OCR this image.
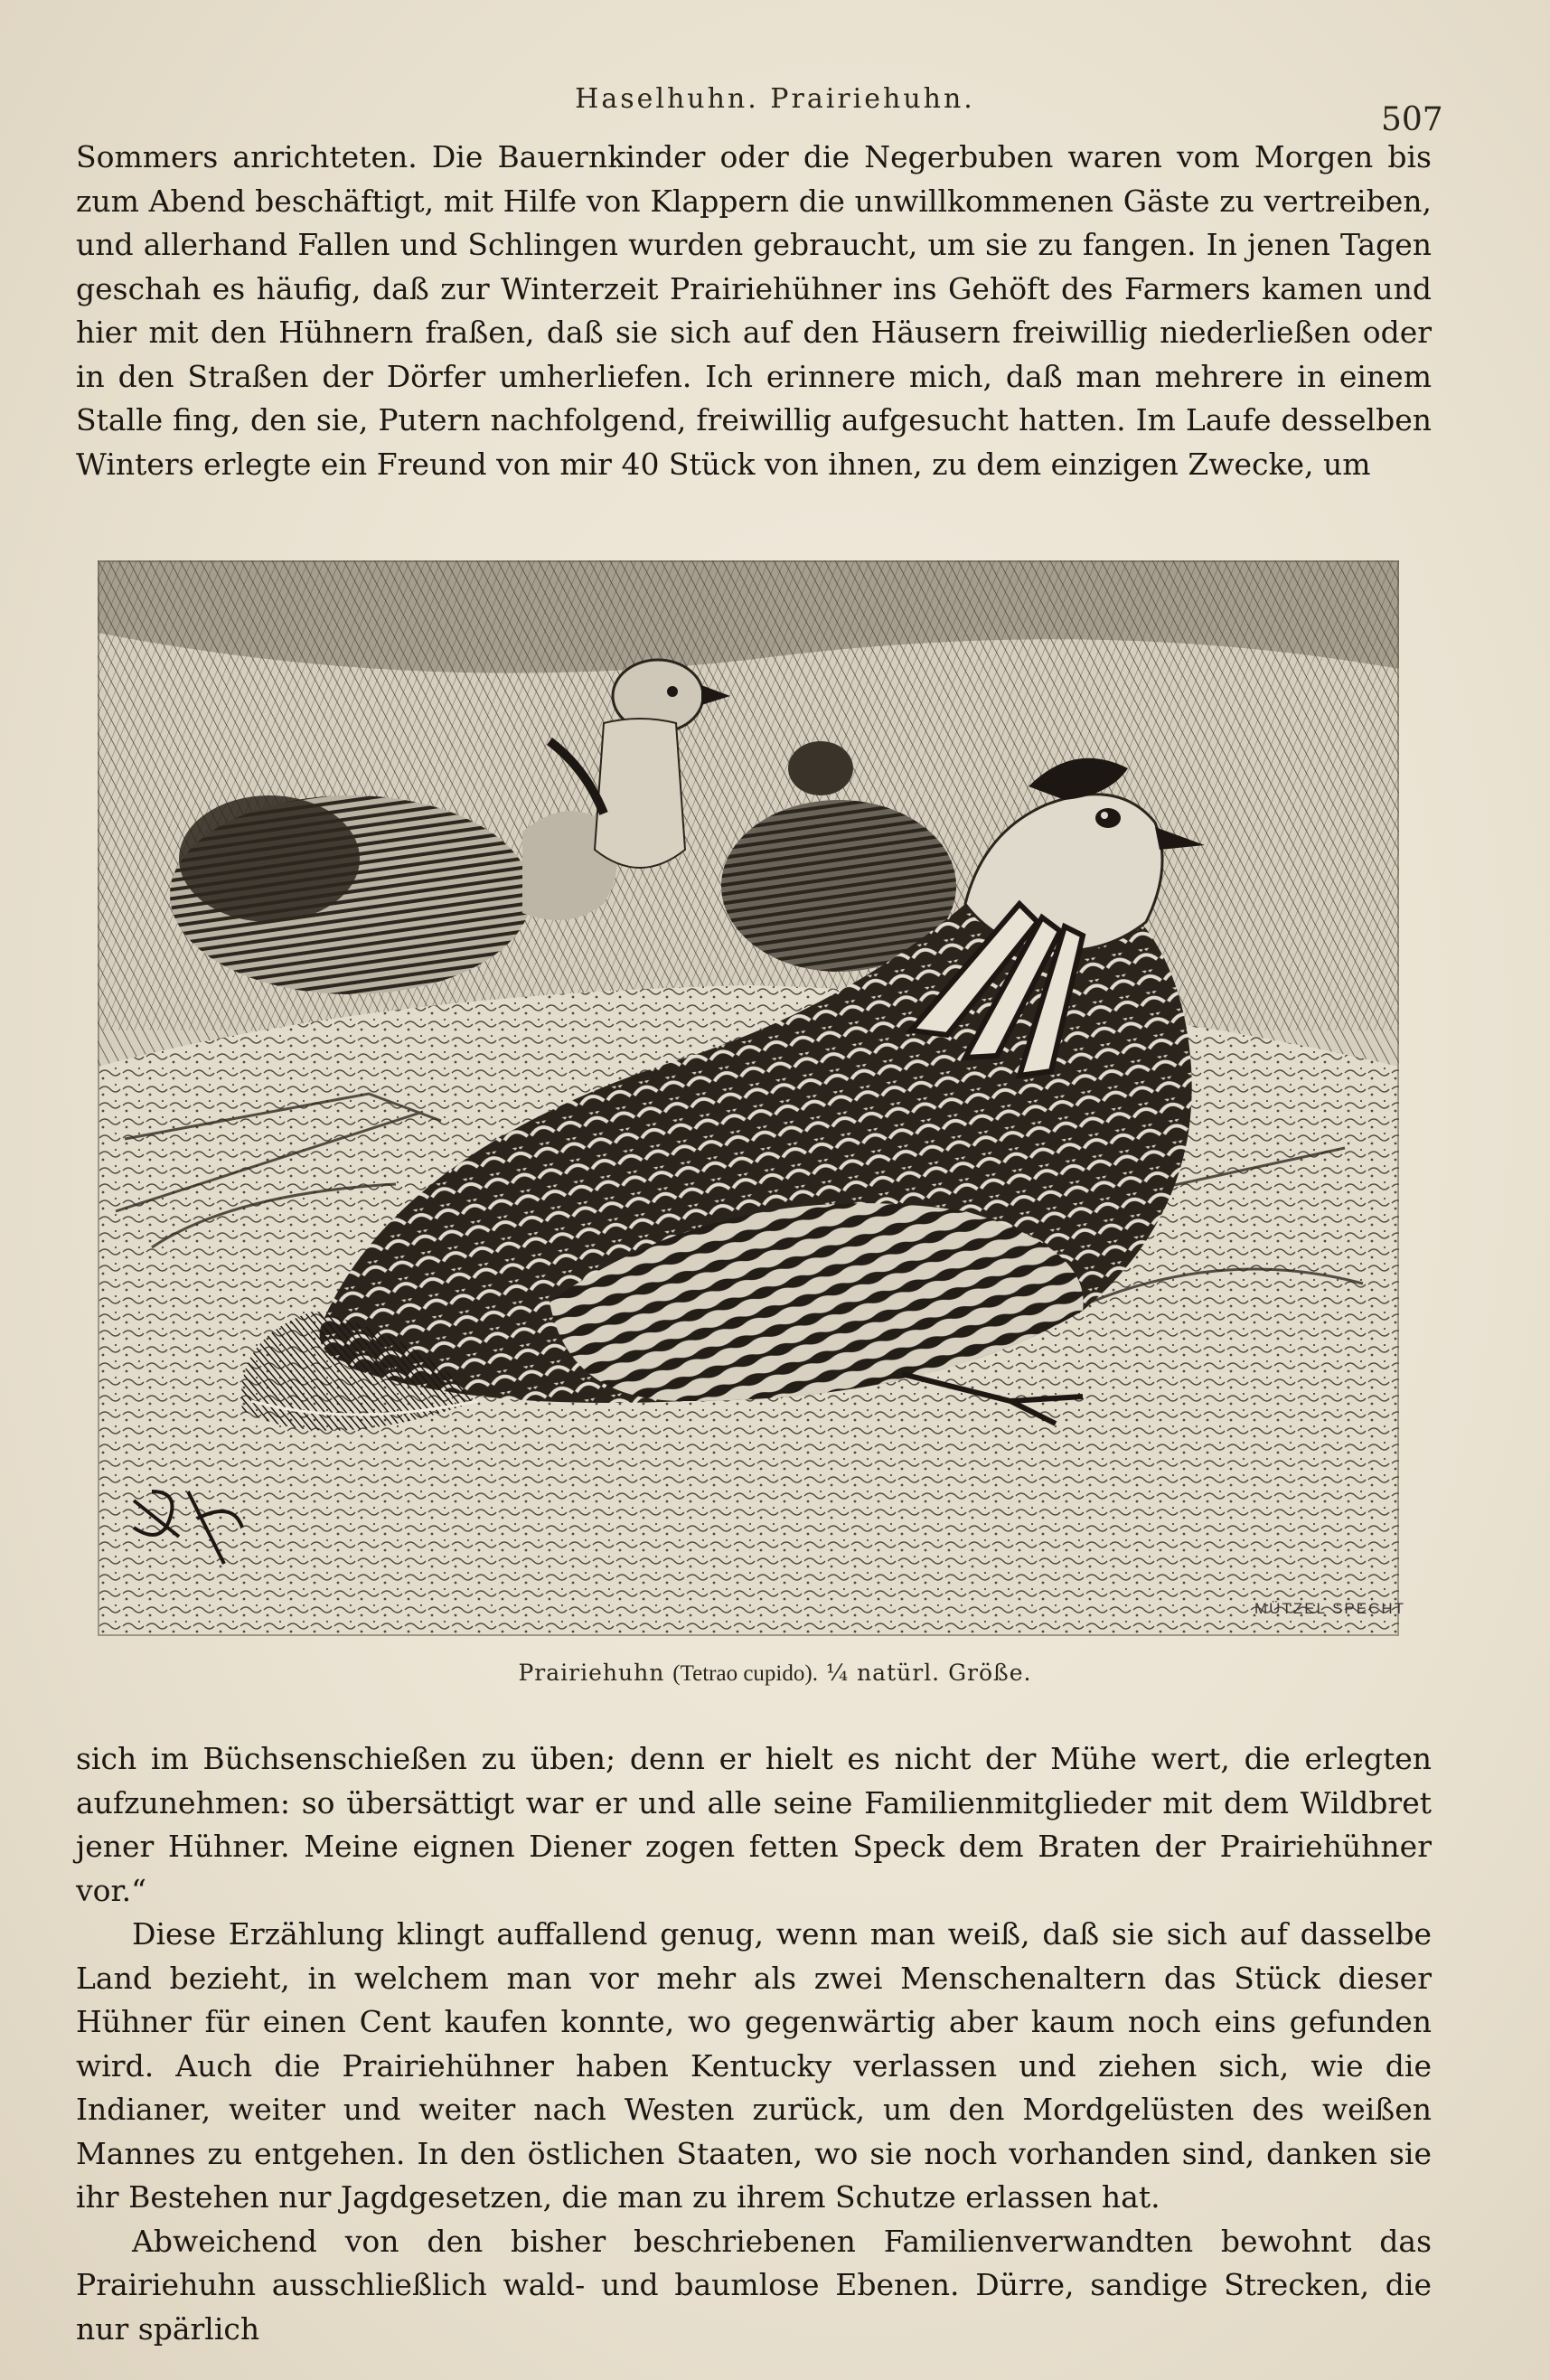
Haselhuhn. Prairiehuhn.
507

Sommers anrichteten. Die Bauernkinder oder die Negerbuben waren vom Morgen bis zum Abend beschäftigt, mit Hilfe von Klappern die unwillkommenen Gäste zu vertreiben, und allerhand Fallen und Schlingen wurden gebraucht, um sie zu fangen. In jenen Tagen geschah es häufig, daß zur Winterzeit Prairiehühner ins Gehöft des Farmers kamen und hier mit den Hühnern fraßen, daß sie sich auf den Häusern freiwillig niederließen oder in den Straßen der Dörfer umherliefen. Ich erinnere mich, daß man mehrere in einem Stalle fing, den sie, Putern nachfolgend, freiwillig aufgesucht hatten. Im Laufe desselben Winters erlegte ein Freund von mir 40 Stück von ihnen, zu dem einzigen Zwecke, um

MÜTZEL SPECHT
Prairiehuhn (Tetrao cupido). ¼ natürl. Größe.

sich im Büchsenschießen zu üben; denn er hielt es nicht der Mühe wert, die erlegten aufzunehmen: so übersättigt war er und alle seine Familienmitglieder mit dem Wildbret jener Hühner. Meine eignen Diener zogen fetten Speck dem Braten der Prairiehühner vor.“

Diese Erzählung klingt auffallend genug, wenn man weiß, daß sie sich auf dasselbe Land bezieht, in welchem man vor mehr als zwei Menschenaltern das Stück dieser Hühner für einen Cent kaufen konnte, wo gegenwärtig aber kaum noch eins gefunden wird. Auch die Prairiehühner haben Kentucky verlassen und ziehen sich, wie die Indianer, weiter und weiter nach Westen zurück, um den Mordgelüsten des weißen Mannes zu entgehen. In den östlichen Staaten, wo sie noch vorhanden sind, danken sie ihr Bestehen nur Jagdgesetzen, die man zu ihrem Schutze erlassen hat.

Abweichend von den bisher beschriebenen Familienverwandten bewohnt das Prairiehuhn ausschließlich wald- und baumlose Ebenen. Dürre, sandige Strecken, die nur spärlich
